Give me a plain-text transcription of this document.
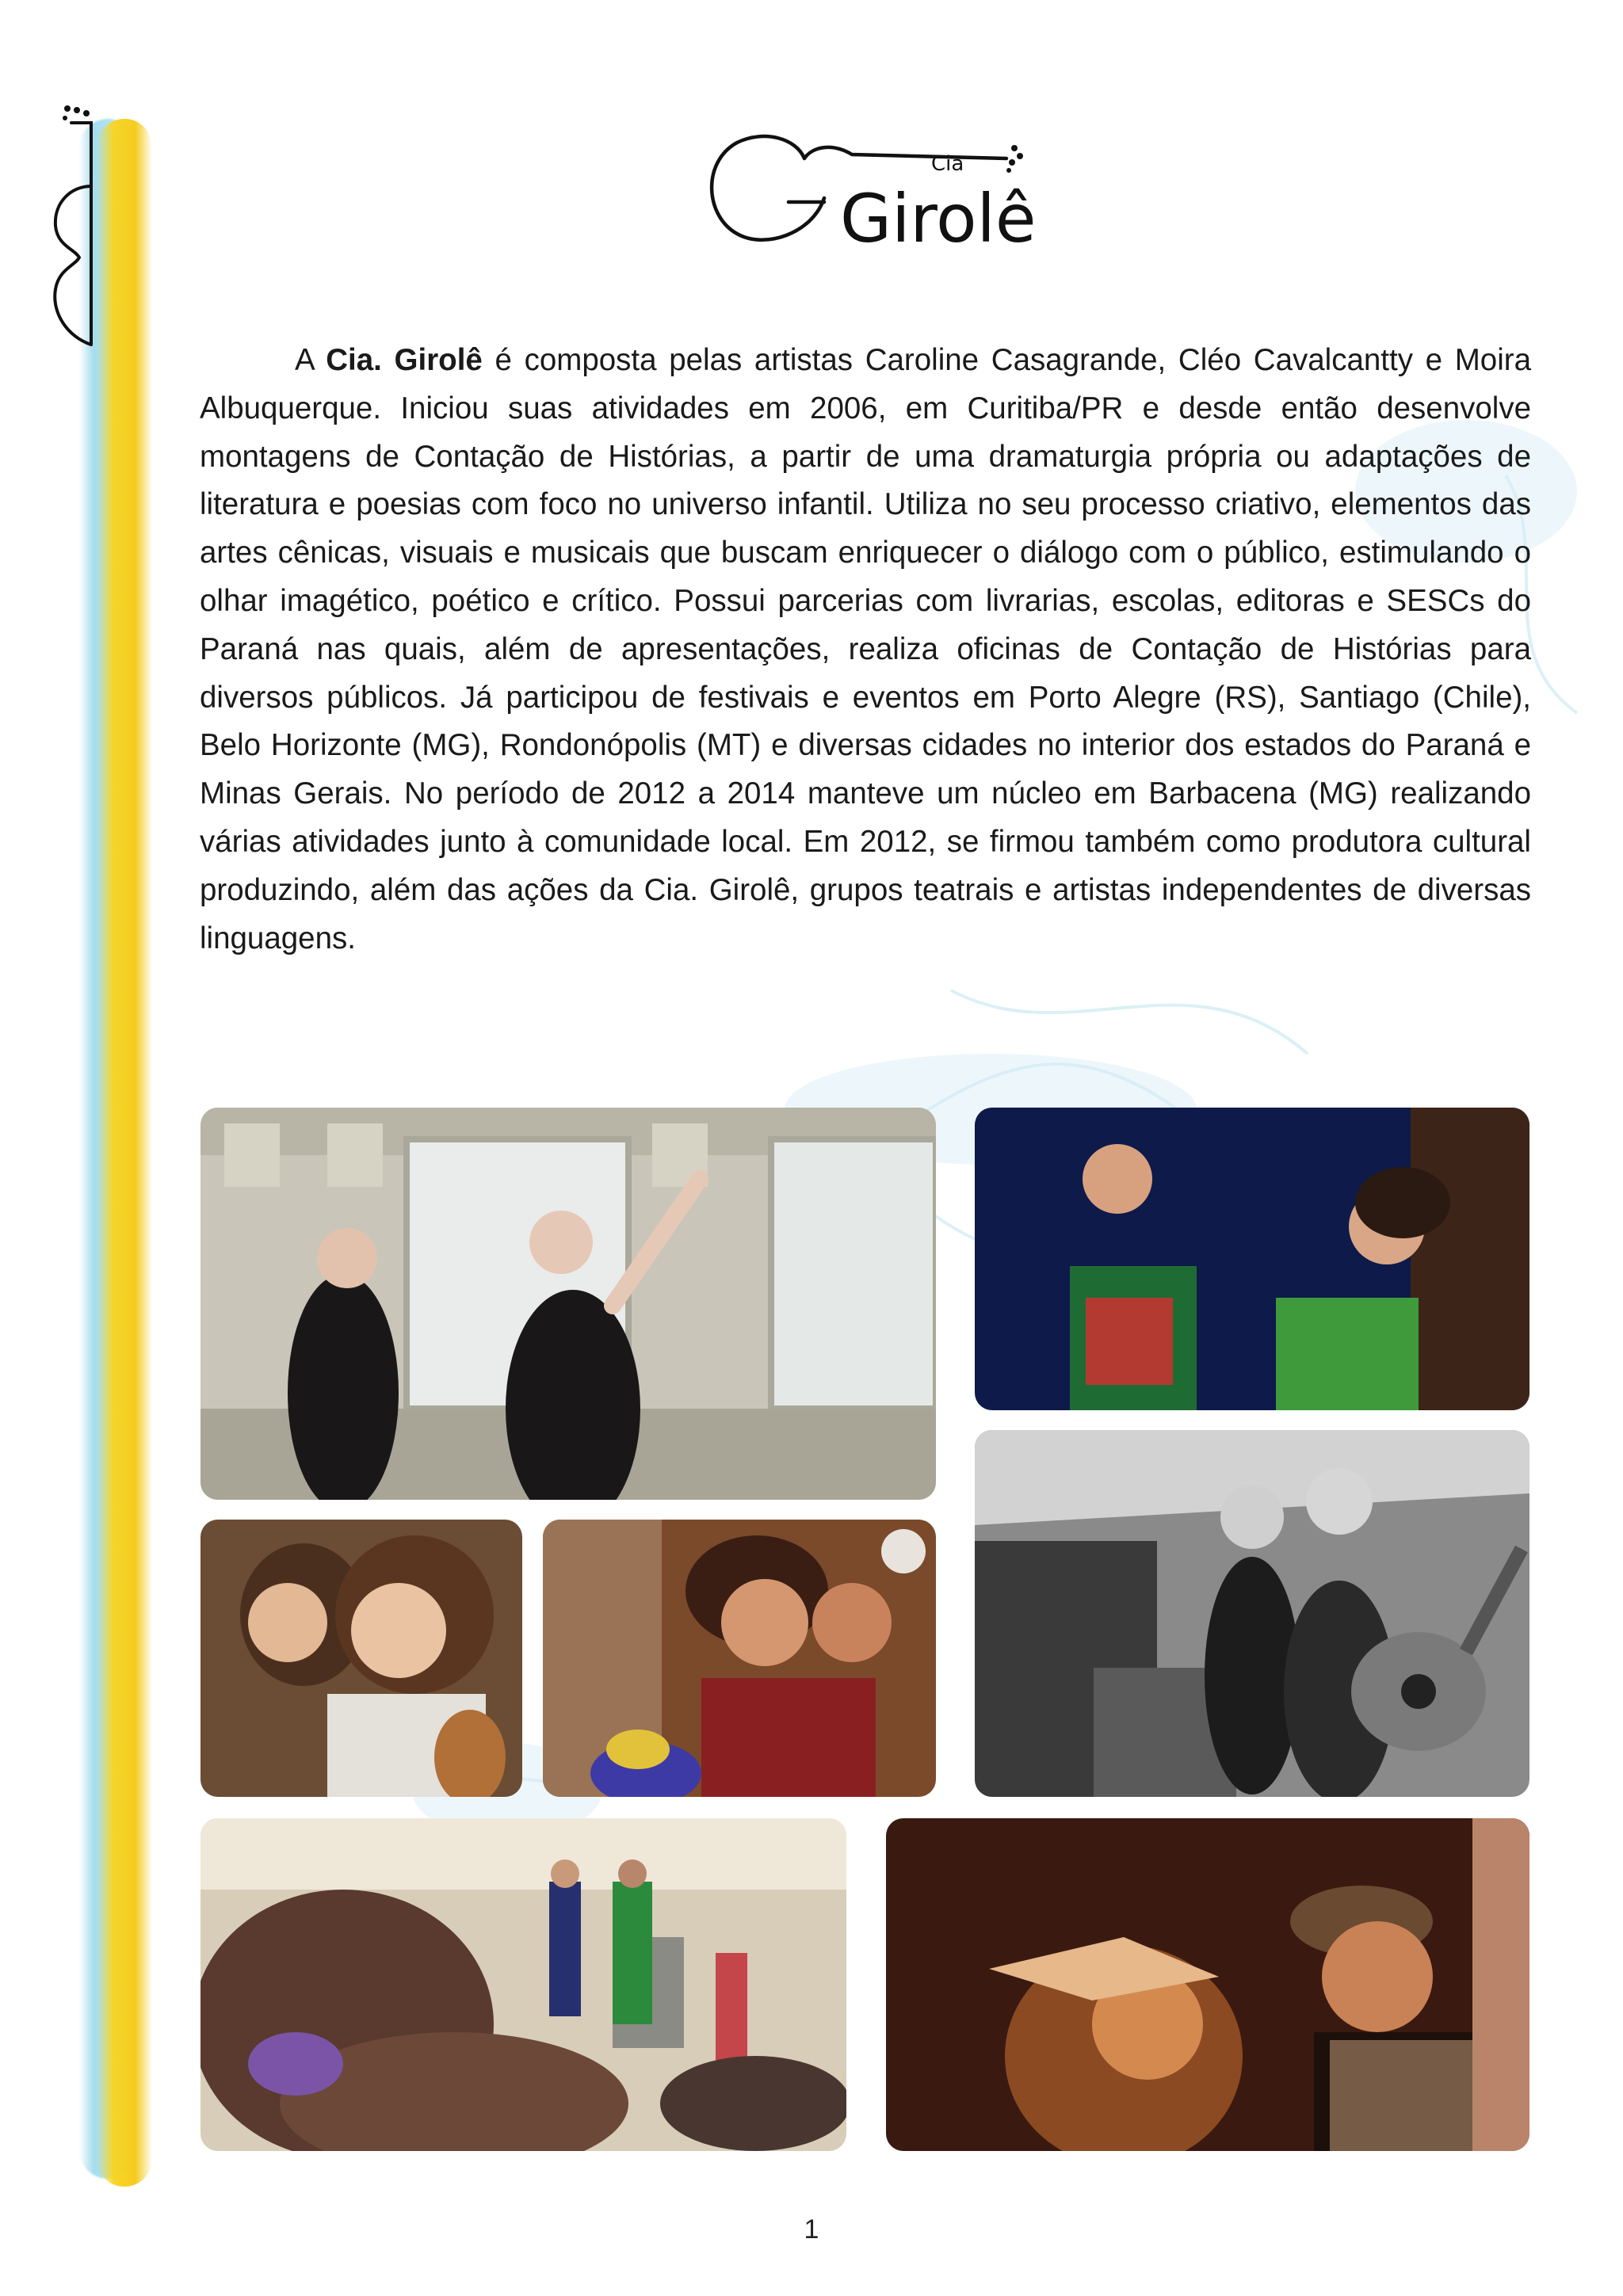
Girolê
Cia

A Cia. Girolê é composta pelas artistas Caroline Casagrande, Cléo Cavalcantty e Moira Albuquerque. Iniciou suas atividades em 2006, em Curitiba/PR e desde então desenvolve montagens de Contação de Histórias, a partir de uma dramaturgia própria ou adaptações de literatura e poesias com foco no universo infantil. Utiliza no seu processo criativo, elementos das artes cênicas, visuais e musicais que buscam enriquecer o diálogo com o público, estimulando o olhar imagético, poético e crítico. Possui parcerias com livrarias, escolas, editoras e SESCs do Paraná nas quais, além de apresentações, realiza oficinas de Contação de Histórias para diversos públicos. Já participou de festivais e eventos em Porto Alegre (RS), Santiago (Chile), Belo Horizonte (MG), Rondonópolis (MT) e diversas cidades no interior dos estados do Paraná e Minas Gerais. No período de 2012 a 2014 manteve um núcleo em Barbacena (MG) realizando várias atividades junto à comunidade local. Em 2012, se firmou também como produtora cultural produzindo, além das ações da Cia. Girolê, grupos teatrais e artistas independentes de diversas linguagens.

1
